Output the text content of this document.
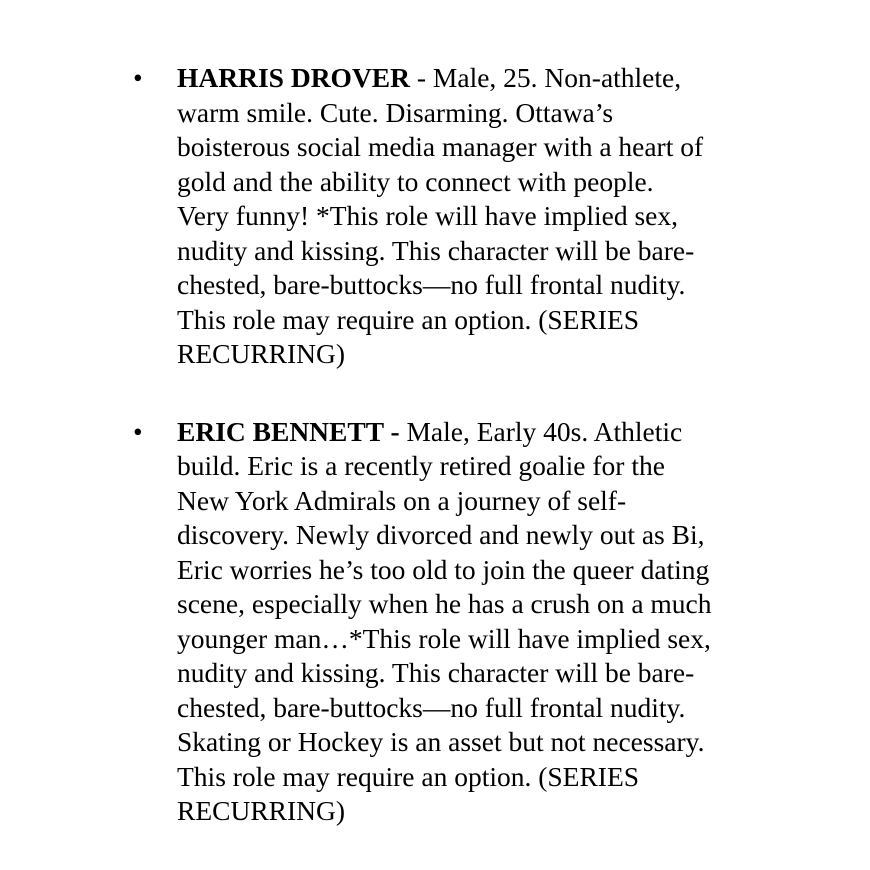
• HARRIS DROVER - Male, 25. Non-athlete,
warm smile. Cute. Disarming. Ottawa’s
boisterous social media manager with a heart of
gold and the ability to connect with people.
Very funny! *This role will have implied sex,
nudity and kissing. This character will be bare-
chested, bare-buttocks—no full frontal nudity.
This role may require an option. (SERIES
RECURRING)
• ERIC BENNETT - Male, Early 40s. Athletic
build. Eric is a recently retired goalie for the
New York Admirals on a journey of self-
discovery. Newly divorced and newly out as Bi,
Eric worries he’s too old to join the queer dating
scene, especially when he has a crush on a much
younger man…*This role will have implied sex,
nudity and kissing. This character will be bare-
chested, bare-buttocks—no full frontal nudity.
Skating or Hockey is an asset but not necessary.
This role may require an option. (SERIES
RECURRING)
